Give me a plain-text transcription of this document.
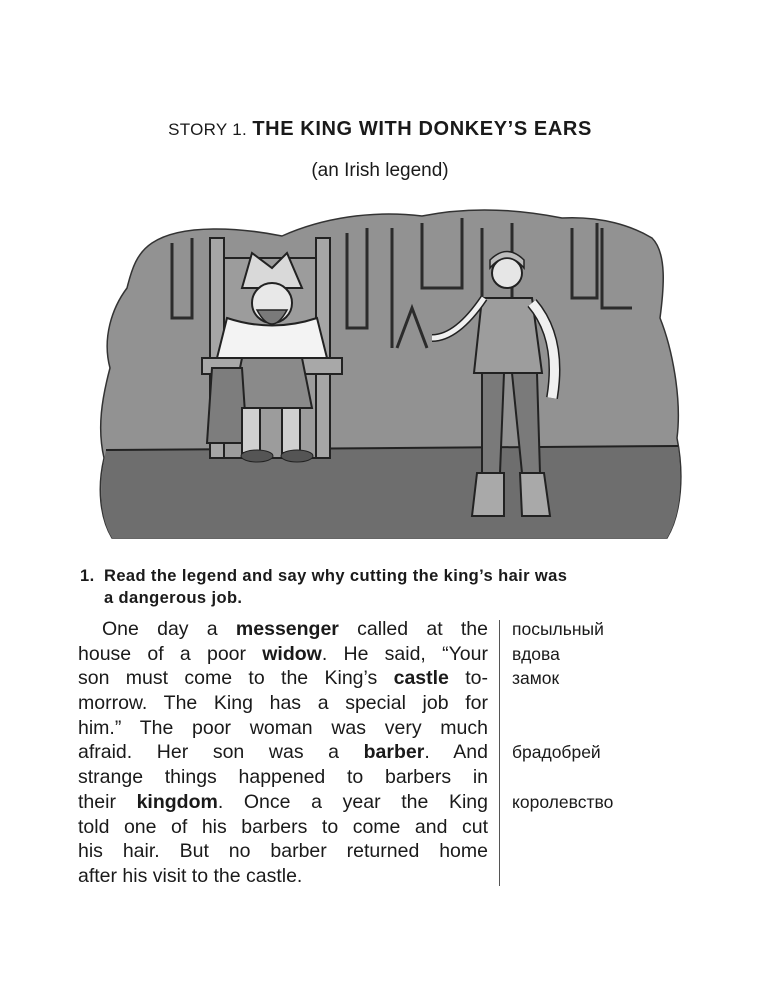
STORY 1. THE KING WITH DONKEY’S EARS
(an Irish legend)
1. Read the legend and say why cutting the king’s hair was
a dangerous job.
One day a messenger called at the
house of a poor widow. He said, “Your
son must come to the King’s castle to-
morrow. The King has a special job for
him.” The poor woman was very much
afraid. Her son was a barber. And
strange things happened to barbers in
their kingdom. Once a year the King
told one of his barbers to come and cut
his hair. But no barber returned home
after his visit to the castle.
посыльный
вдова
замок
брадобрей
королевство
